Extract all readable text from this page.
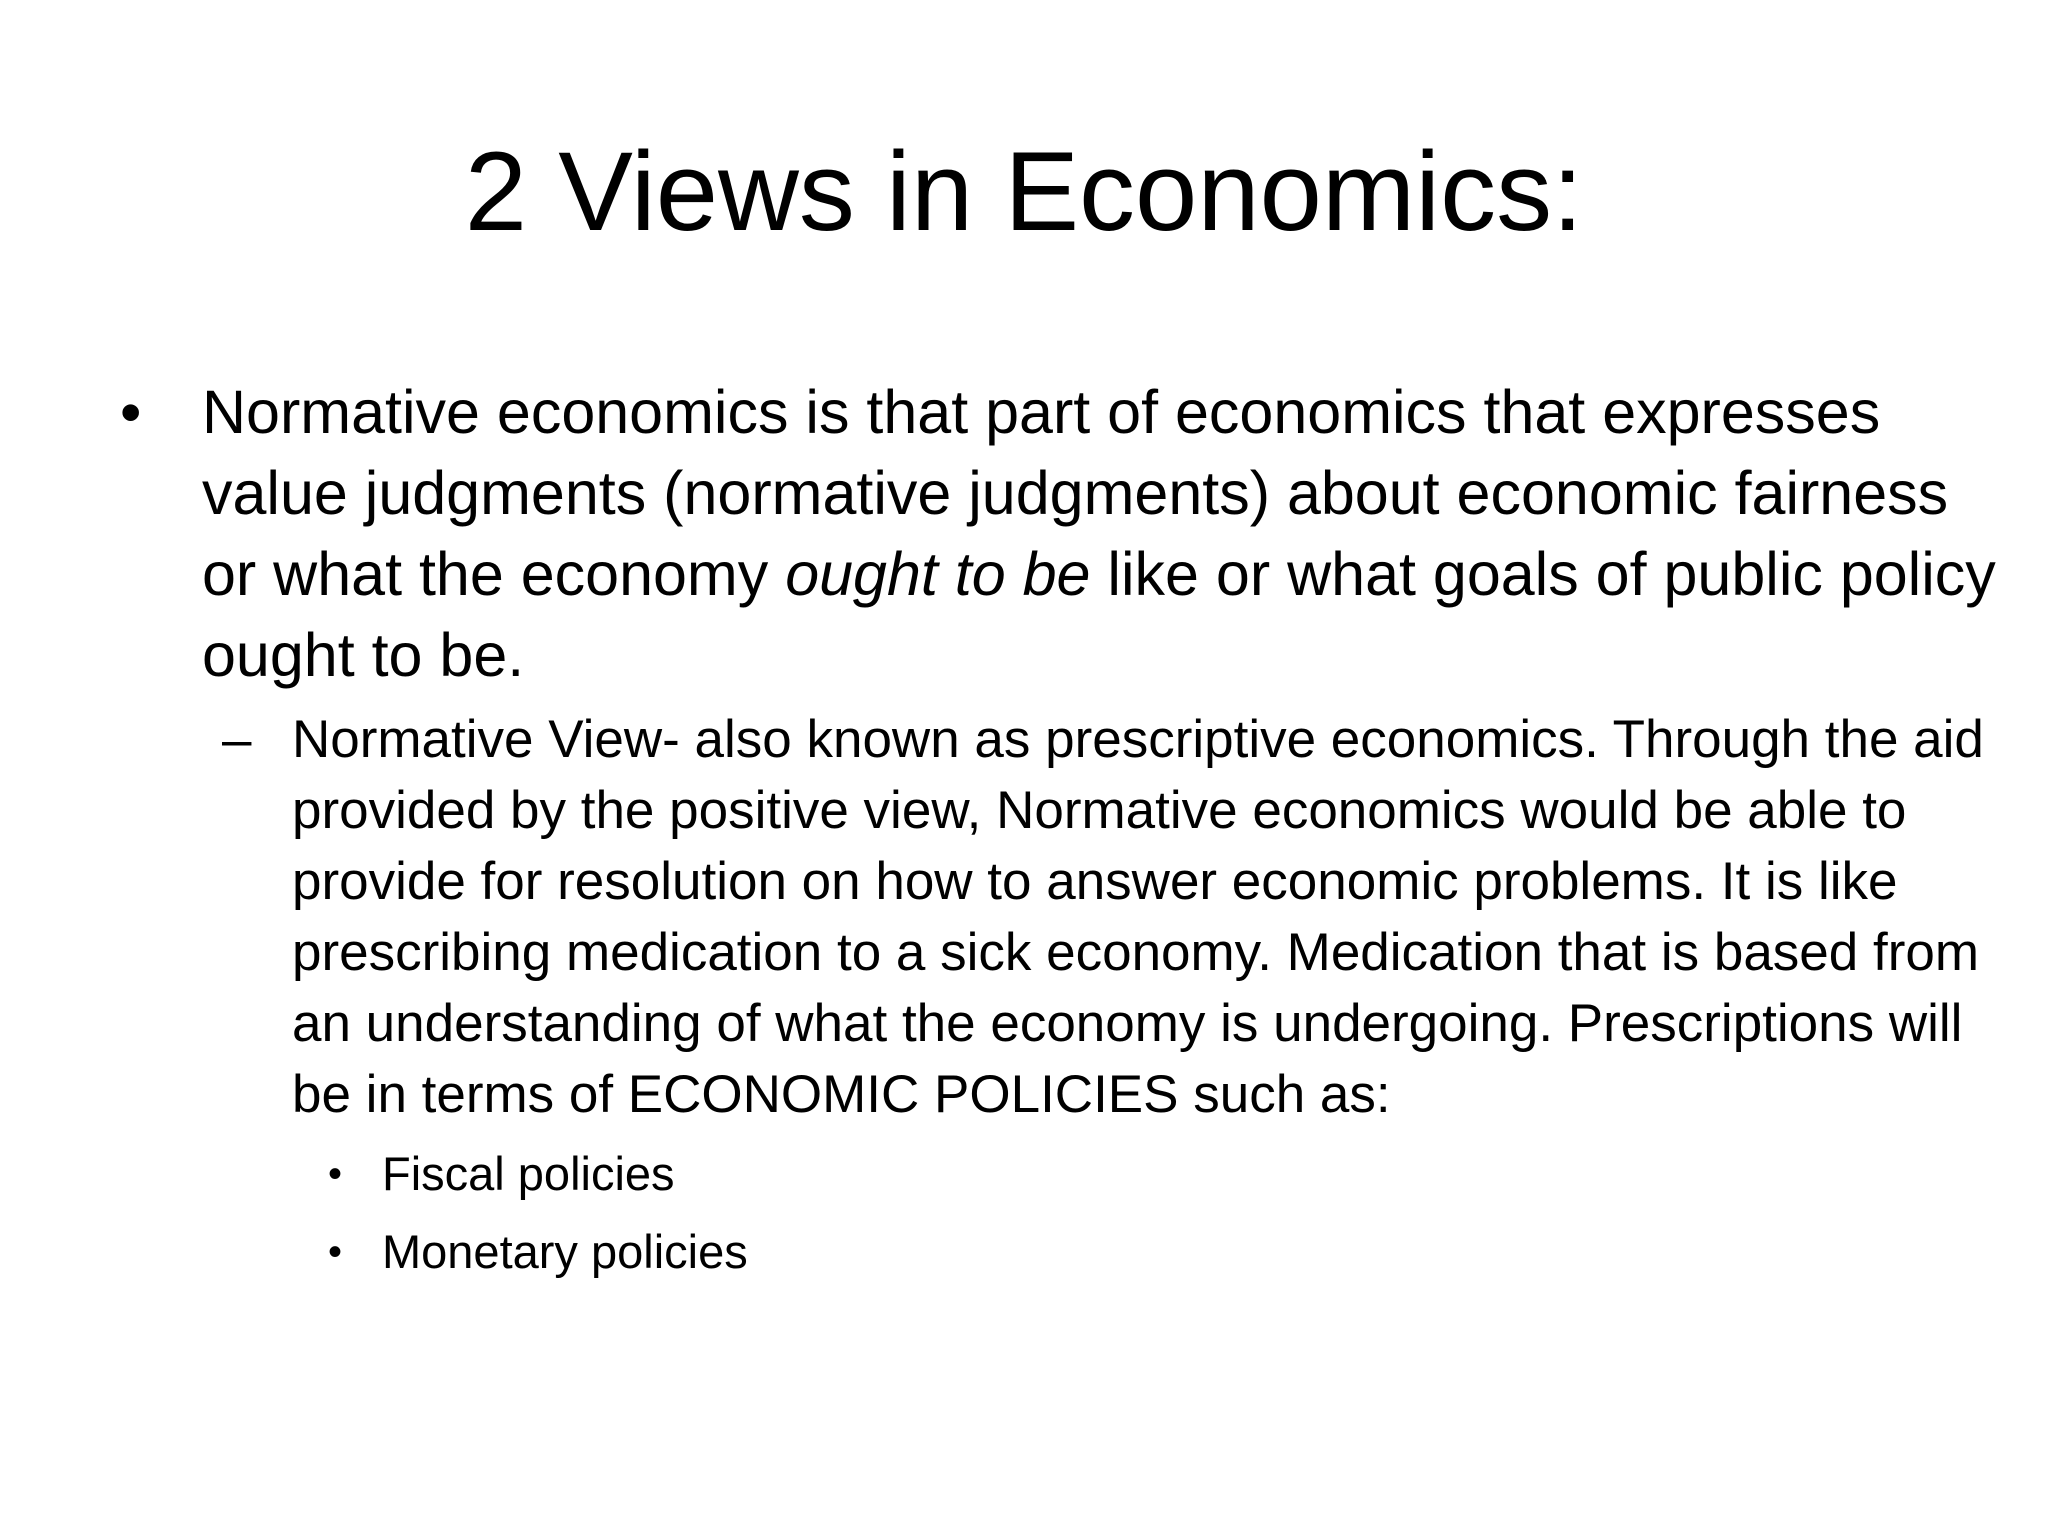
2 Views in Economics:

• Normative economics is that part of economics that expresses value judgments (normative judgments) about economic fairness or what the economy ought to be like or what goals of public policy ought to be.

– Normative View- also known as prescriptive economics. Through the aid provided by the positive view, Normative economics would be able to provide for resolution on how to answer economic problems. It is like prescribing medication to a sick economy. Medication that is based from an understanding of what the economy is undergoing. Prescriptions will be in terms of ECONOMIC POLICIES such as:
• Fiscal policies
• Monetary policies
